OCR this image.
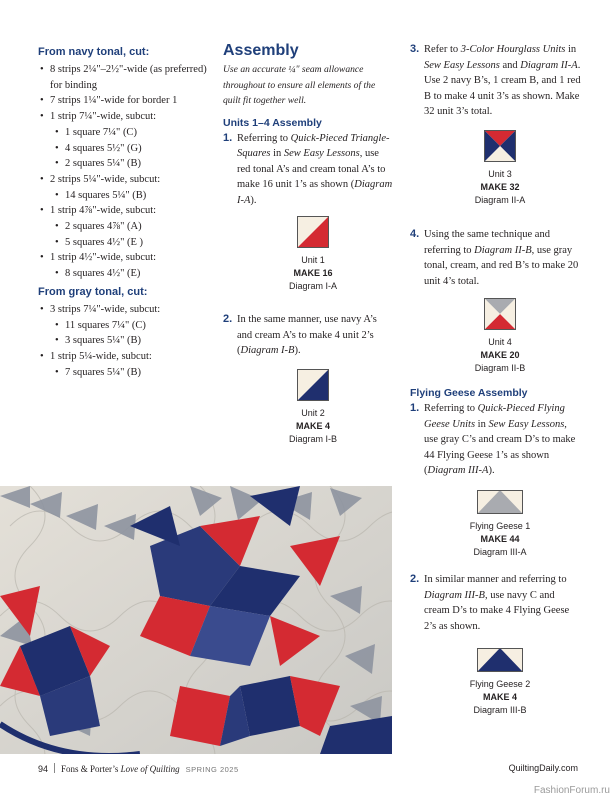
From navy tonal, cut:
• 8 strips 2¼"–2½"-wide (as preferred)
for binding
• 7 strips 1¼"-wide for border 1
• 1 strip 7¼"-wide, subcut:
• 1 square 7¼" (C)
• 4 squares 5½" (G)
• 2 squares 5¼" (B)
• 2 strips 5¼"-wide, subcut:
• 14 squares 5¼" (B)
• 1 strip 4⅞"-wide, subcut:
• 2 squares 4⅞" (A)
• 5 squares 4½" (E )
• 1 strip 4½"-wide, subcut:
• 8 squares 4½" (E)
From gray tonal, cut:
• 3 strips 7¼"-wide, subcut:
• 11 squares 7¼" (C)
• 3 squares 5¼" (B)
• 1 strip 5¼-wide, subcut:
• 7 squares 5¼" (B)
Assembly
Use an accurate ¼" seam allowance throughout to ensure all elements of the quilt fit together well.
Units 1–4 Assembly
1. Referring to Quick-Pieced Triangle-Squares in Sew Easy Lessons, use red tonal A’s and cream tonal A’s to make 16 unit 1’s as shown (Diagram I-A).
Unit 1
MAKE 16
Diagram I-A
2. In the same manner, use navy A’s and cream A’s to make 4 unit 2’s (Diagram I-B).
Unit 2
MAKE 4
Diagram I-B
3. Refer to 3-Color Hourglass Units in Sew Easy Lessons and Diagram II-A. Use 2 navy B’s, 1 cream B, and 1 red B to make 4 unit 3’s as shown. Make 32 unit 3’s total.
Unit 3
MAKE 32
Diagram II-A
4. Using the same technique and referring to Diagram II-B, use gray tonal, cream, and red B’s to make 20 unit 4’s total.
Unit 4
MAKE 20
Diagram II-B
Flying Geese Assembly
1. Referring to Quick-Pieced Flying Geese Units in Sew Easy Lessons, use gray C’s and cream D’s to make 44 Flying Geese 1’s as shown (Diagram III-A).
Flying Geese 1
MAKE 44
Diagram III-A
2. In similar manner and referring to Diagram III-B, use navy C and cream D’s to make 4 Flying Geese 2’s as shown.
Flying Geese 2
MAKE 4
Diagram III-B
94 Fons & Porter’s Love of Quilting SPRING 2025	QuiltingDaily.com
FashionForum.ru
